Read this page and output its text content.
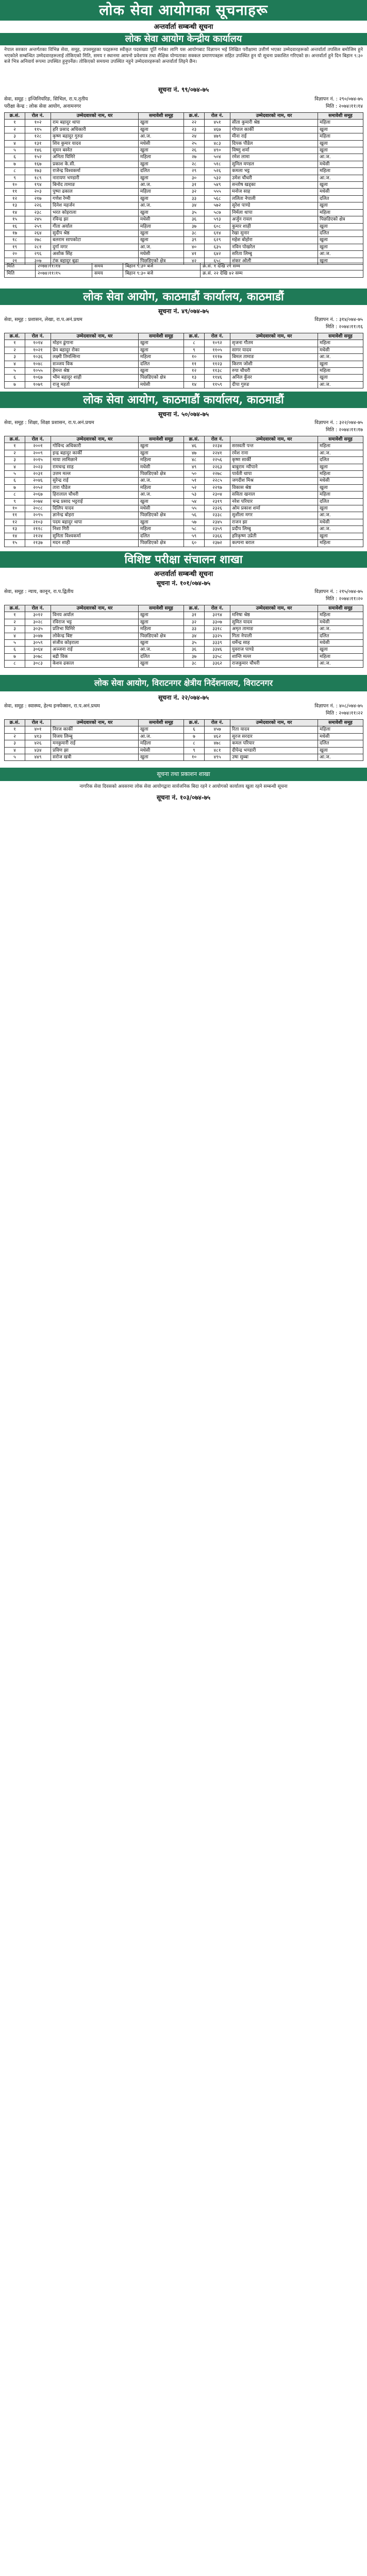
लोक सेवा आयोगका सूचनाहरू
अन्तर्वार्ता सम्बन्धी सूचना
लोक सेवा आयोग केन्द्रीय कार्यालय
नेपाल सरकार अन्तर्गतका विभिन्न सेवा, समूह, उपसमूहका पदहरूमा स्वीकृत पदसंख्या पूर्ति गर्नका लागि यस आयोगबाट विज्ञापन भई लिखित परीक्षामा उत्तीर्ण भएका उम्मेदवारहरूको अन्तर्वार्ता तपसिल बमोजिम हुने भएकोले सम्बन्धित उम्मेदवारहरूलाई तोकिएको मिति, समय र स्थानमा आफ्नो प्रवेशपत्र तथा शैक्षिक योग्यताका सक्कल प्रमाणपत्रहरू सहित उपस्थित हुन यो सूचना प्रकाशित गरिएको छ। अन्तर्वार्ता हुने दिन बिहान ९:३० बजे भित्र अनिवार्य रूपमा उपस्थित हुनुपर्नेछ। तोकिएको समयमा उपस्थित नहुने उम्मेदवारहरूको अन्तर्वार्ता लिइने छैन।
सूचना नं. ९९/०७४-७५
सेवा, समूह : इन्जिनियरिङ, सिभिल, रा.प.तृतीय	विज्ञापन नं. : २९०/०७४-७५
परीक्षा केन्द्र : लोक सेवा आयोग, अनामनगर	मिति : २०७४।११।१४
क्र.सं.	रोल नं.	उम्मेदवारको नाम, थर	समावेशी समूह	क्र.सं.	रोल नं.	उम्मेदवारको नाम, थर	समावेशी समूह
१	१०२	राम बहादुर थापा	खुला	२२	४५१	सीता कुमारी श्रेष्ठ	महिला
२	११५	हरि प्रसाद अधिकारी	खुला	२३	४६७	गोपाल कार्की	खुला
३	१२८	कृष्ण बहादुर गुरुङ	आ.ज.	२४	४७९	मीना राई	महिला
४	१३१	शिव कुमार यादव	मधेसी	२५	४८३	दिपक पौडेल	खुला
५	१४६	सुमन बस्नेत	खुला	२६	४९०	विष्णु शर्मा	खुला
६	१५२	अनिता घिमिरे	महिला	२७	५०४	रमेश लामा	आ.ज.
७	१६७	प्रकाश के.सी.	खुला	२८	५१८	सुनिल मण्डल	मधेसी
८	१७३	राजेन्द्र विश्वकर्मा	दलित	२९	५२६	कमला भट्ट	महिला
९	१८९	नारायण भण्डारी	खुला	३०	५३२	उमेश चौधरी	आ.ज.
१०	१९४	बिनोद तामाङ	आ.ज.	३१	५४९	सन्तोष खड्का	खुला
११	२०३	पुष्पा ढकाल	महिला	३२	५५५	मनोज साह	मधेसी
१२	२१७	गणेश रेग्मी	खुला	३३	५६८	ललिता नेपाली	दलित
१३	२२६	दिनेश महर्जन	आ.ज.	३४	५७२	सुरेश पाण्डे	खुला
१४	२३८	भरत कोइराला	खुला	३५	५८७	निर्मला थापा	महिला
१५	२४५	रविन्द्र झा	मधेसी	३६	५९३	अर्जुन रावल	पिछडिएको क्षेत्र
१६	२५९	गीता अर्याल	महिला	३७	६०८	कुमार शाही	खुला
१७	२६४	सुदीप श्रेष्ठ	खुला	३८	६१४	रेखा सुनार	दलित
१८	२७८	बलराम सापकोटा	खुला	३९	६२९	महेश बोहोरा	खुला
१९	२८१	दुर्गा मगर	आ.ज.	४०	६३५	नविन पोखरेल	खुला
२०	२९६	अशोक सिंह	मधेसी	४१	६४२	सरिता लिम्बु	आ.ज.
२१	३०७	टंक बहादुर बुढा	पिछडिएको क्षेत्र	४२	६५८	शंकर ओली	खुला
मिति	२०७४।११।१४	समय	बिहान ९:३० बजे	क्र.सं. १ देखि २१ सम्म
मिति	२०७४।११।१५	समय	बिहान ९:३० बजे	क्र.सं. २२ देखि ४२ सम्म
लोक सेवा आयोग, काठमाडौं कार्यालय, काठमाडौं
सूचना नं. ४९/०७४-७५
सेवा, समूह : प्रशासन, लेखा, रा.प.अनं.प्रथम	विज्ञापन नं. : ३१४/०७४-७५
मिति : २०७४।११।१६
क्र.सं.	रोल नं.	उम्मेदवारको नाम, थर	समावेशी समूह	क्र.सं.	रोल नं.	उम्मेदवारको नाम, थर	समावेशी समूह
१	१०१४	मोहन ढुंगाना	खुला	८	१०९२	सृजना गौतम	महिला
२	१०२१	प्रेम बहादुर रोका	खुला	९	११०५	सागर यादव	मधेसी
३	१०३६	लक्ष्मी तिमल्सिना	महिला	१०	१११७	बिमल तामाङ	आ.ज.
४	१०४८	सञ्जय विक	दलित	११	११२३	किरण जोशी	खुला
५	१०५५	हेमन्त श्रेष्ठ	खुला	१२	११३८	रुपा चौधरी	महिला
६	१०६७	भीम बहादुर शाही	पिछडिएको क्षेत्र	१३	११४६	अनिल कुँवर	खुला
७	१०७९	राजु महतो	मधेसी	१४	११५९	दीपा गुरुङ	आ.ज.
लोक सेवा आयोग, काठमाडौं कार्यालय, काठमाडौं
सूचना नं. ५०/०७४-७५
सेवा, समूह : शिक्षा, शिक्षा प्रशासन, रा.प.अनं.प्रथम	विज्ञापन नं. : ३२२/०७४-७५
मिति : २०७४।११।१७
क्र.सं.	रोल नं.	उम्मेदवारको नाम, थर	समावेशी समूह	क्र.सं.	रोल नं.	उम्मेदवारको नाम, थर	समावेशी समूह
१	२००१	गोविन्द अधिकारी	खुला	४६	२२३४	सरस्वती पन्त	महिला
२	२००९	इन्द्र बहादुर कार्की	खुला	४७	२२४१	रमेश राना	आ.ज.
३	२०१५	माया लामिछाने	महिला	४८	२२५६	कृष्ण सार्की	दलित
४	२०२३	रामचन्द्र साह	मधेसी	४९	२२६३	बाबुराम न्यौपाने	खुला
५	२०३१	उत्तम मल्ल	पिछडिएको क्षेत्र	५०	२२७८	पार्वती थापा	महिला
६	२०४६	सुरेन्द्र राई	आ.ज.	५१	२२८५	जगदीश मिश्र	मधेसी
७	२०५२	तारा पौडेल	महिला	५२	२२९७	विकास श्रेष्ठ	खुला
८	२०६७	हिरालाल चौधरी	आ.ज.	५३	२३०४	सविता खनाल	महिला
९	२०७४	चन्द्र प्रसाद भट्टराई	खुला	५४	२३१९	नरेश परियार	दलित
१०	२०८८	दिलिप यादव	मधेसी	५५	२३२६	ओम प्रकाश शर्मा	खुला
११	२०९५	ज्ञानेन्द्र बोहरा	पिछडिएको क्षेत्र	५६	२३३८	सुशीला मगर	आ.ज.
१२	२१०३	पदम बहादुर थापा	खुला	५७	२३४५	राजन झा	मधेसी
१३	२११८	निशा गिरी	महिला	५८	२३५९	प्रदीप लिम्बु	आ.ज.
१४	२१२४	सुनिता विश्वकर्मा	दलित	५९	२३६६	हरिकृष्ण उप्रेती	खुला
१५	२१३७	मदन शाही	पिछडिएको क्षेत्र	६०	२३७२	कल्पना बराल	महिला
विशिष्ट परीक्षा संचालन शाखा
अन्तर्वार्ता सम्बन्धी सूचना
सूचना नं. १०१/०७४-७५
सेवा, समूह : न्याय, कानून, रा.प.द्वितीय	विज्ञापन नं. : २१५/०७४-७५
मिति : २०७४।११।२०
क्र.सं.	रोल नं.	उम्मेदवारको नाम, थर	समावेशी समूह	क्र.सं.	रोल नं.	उम्मेदवारको नाम, थर	समावेशी समूह
१	३०१२	विनय अर्याल	खुला	३१	३२९४	मनिषा श्रेष्ठ	महिला
२	३०२८	रविराज भट्ट	खुला	३२	३३०७	सुमित यादव	मधेसी
३	३०३५	प्रतिभा घिमिरे	महिला	३३	३३१८	अमृत तामाङ	आ.ज.
४	३०४७	लोकेन्द्र बिष्ट	पिछडिएको क्षेत्र	३४	३३२५	गिता नेपाली	दलित
५	३०५९	संजीव कोइराला	खुला	३५	३३३९	धर्मेन्द्र साह	मधेसी
६	३०६४	अञ्जना राई	आ.ज.	३६	३३४६	युवराज पाण्डे	खुला
७	३०७८	बद्री विक	दलित	३७	३३५८	शान्ति मल्ल	महिला
८	३०८३	केशव ढकाल	खुला	३८	३३६२	राजकुमार चौधरी	आ.ज.
लोक सेवा आयोग, विराटनगर क्षेत्रीय निर्देशनालय, विराटनगर
सूचना नं. २२/०७४-७५
सेवा, समूह : स्वास्थ्य, हेल्थ इन्स्पेक्सन, रा.प.अनं.प्रथम	विज्ञापन नं. : ४०८/०७४-७५
मिति : २०७४।११।२२
क्र.सं.	रोल नं.	उम्मेदवारको नाम, थर	समावेशी समूह	क्र.सं.	रोल नं.	उम्मेदवारको नाम, थर	समावेशी समूह
१	४०१	निरज कार्की	खुला	६	४५७	रिता यादव	महिला
२	४१३	विजय लिम्बु	आ.ज.	७	४६२	सुरज सरदार	मधेसी
३	४२६	मनकुमारी राई	महिला	८	४७८	कमल परियार	दलित
४	४३४	प्रविण झा	मधेसी	९	४८१	दीपेन्द्र भण्डारी	खुला
५	४४९	सरोज खत्री	खुला	१०	४९५	उषा सुब्बा	आ.ज.
सूचना तथा प्रकाशन शाखा
नागरिक सेवा दिवसको अवसरमा लोक सेवा आयोगद्वारा सार्वजनिक बिदा रहने र आयोगको कार्यालय खुला रहने सम्बन्धी सूचना
सूचना नं. १०३/०७४-७५
